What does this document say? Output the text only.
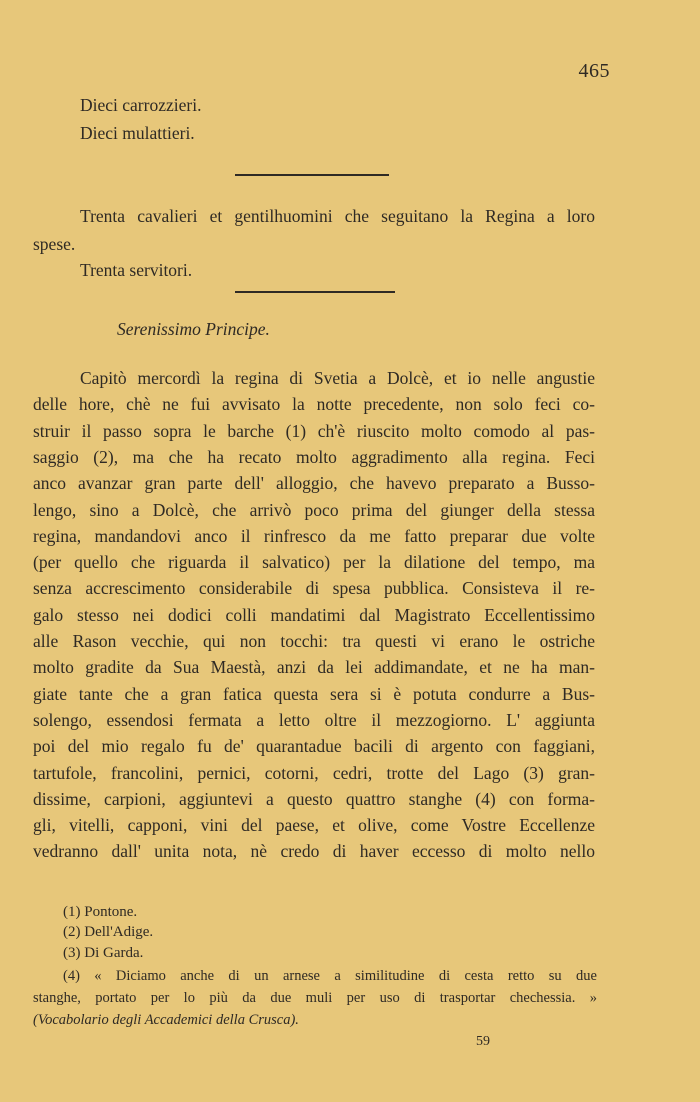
465
Dieci carrozzieri.
Dieci mulattieri.
Trenta cavalieri et gentilhuomini che seguitano la Regina a loro
spese.
Trenta servitori.
Serenissimo Principe.
Capitò mercordì la regina di Svetia a Dolcè, et io nelle angustie
delle hore, chè ne fui avvisato la notte precedente, non solo feci co-
struir il passo sopra le barche (1) ch'è riuscito molto comodo al pas-
saggio (2), ma che ha recato molto aggradimento alla regina. Feci
anco avanzar gran parte dell' alloggio, che havevo preparato a Busso-
lengo, sino a Dolcè, che arrivò poco prima del giunger della stessa
regina, mandandovi anco il rinfresco da me fatto preparar due volte
(per quello che riguarda il salvatico) per la dilatione del tempo, ma
senza accrescimento considerabile di spesa pubblica. Consisteva il re-
galo stesso nei dodici colli mandatimi dal Magistrato Eccellentissimo
alle Rason vecchie, qui non tocchi: tra questi vi erano le ostriche
molto gradite da Sua Maestà, anzi da lei addimandate, et ne ha man-
giate tante che a gran fatica questa sera si è potuta condurre a Bus-
solengo, essendosi fermata a letto oltre il mezzogiorno. L' aggiunta
poi del mio regalo fu de' quarantadue bacili di argento con faggiani,
tartufole, francolini, pernici, cotorni, cedri, trotte del Lago (3) gran-
dissime, carpioni, aggiuntevi a questo quattro stanghe (4) con forma-
gli, vitelli, capponi, vini del paese, et olive, come Vostre Eccellenze
vedranno dall' unita nota, nè credo di haver eccesso di molto nello
(1) Pontone.
(2) Dell'Adige.
(3) Di Garda.
(4) « Diciamo anche di un arnese a similitudine di cesta retto su due
stanghe, portato per lo più da due muli per uso di trasportar chechessia. »
(Vocabolario degli Accademici della Crusca).
59
